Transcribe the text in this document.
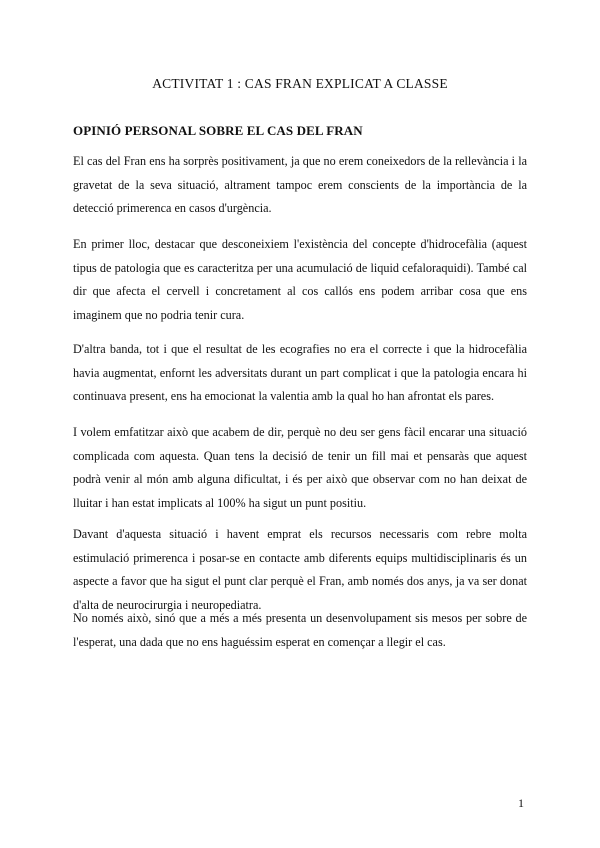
ACTIVITAT 1 : CAS FRAN EXPLICAT A CLASSE
OPINIÓ PERSONAL SOBRE EL CAS DEL FRAN
El cas del Fran ens ha sorprès positivament, ja que no erem coneixedors de la rellevància i la gravetat de la seva situació, altrament tampoc erem conscients de la importància de la detecció primerenca en casos d'urgència.
En primer lloc, destacar que desconeixiem l'existència del concepte d'hidrocefàlia (aquest tipus de patologia que es caracteritza per una acumulació de liquid cefaloraquidi). També cal dir que afecta el cervell i concretament al cos callós ens podem arribar cosa que ens imaginem que no podria tenir cura.
D'altra banda, tot i que el resultat de les ecografies no era el correcte i que la hidrocefàlia havia augmentat, enfornt les adversitats durant un part complicat i que la patologia encara hi continuava present, ens ha emocionat la valentia amb la qual ho han afrontat els pares.
I volem emfatitzar això que acabem de dir, perquè no deu ser gens fàcil encarar una situació complicada com aquesta. Quan tens la decisió de tenir un fill mai et pensaràs que aquest podrà venir al món amb alguna dificultat, i és per això que observar com no han deixat de lluitar i han estat implicats al 100% ha sigut un punt positiu.
Davant d'aquesta situació i havent emprat els recursos necessaris com rebre molta estimulació primerenca i posar-se en contacte amb diferents equips multidisciplinaris és un aspecte a favor que ha sigut el punt clar perquè el Fran, amb només dos anys, ja va ser donat d'alta de neurocirurgia i neuropediatra.
No només això, sinó que a més a més presenta un desenvolupament sis mesos per sobre de l'esperat, una dada que no ens haguéssim esperat en començar a llegir el cas.
1
